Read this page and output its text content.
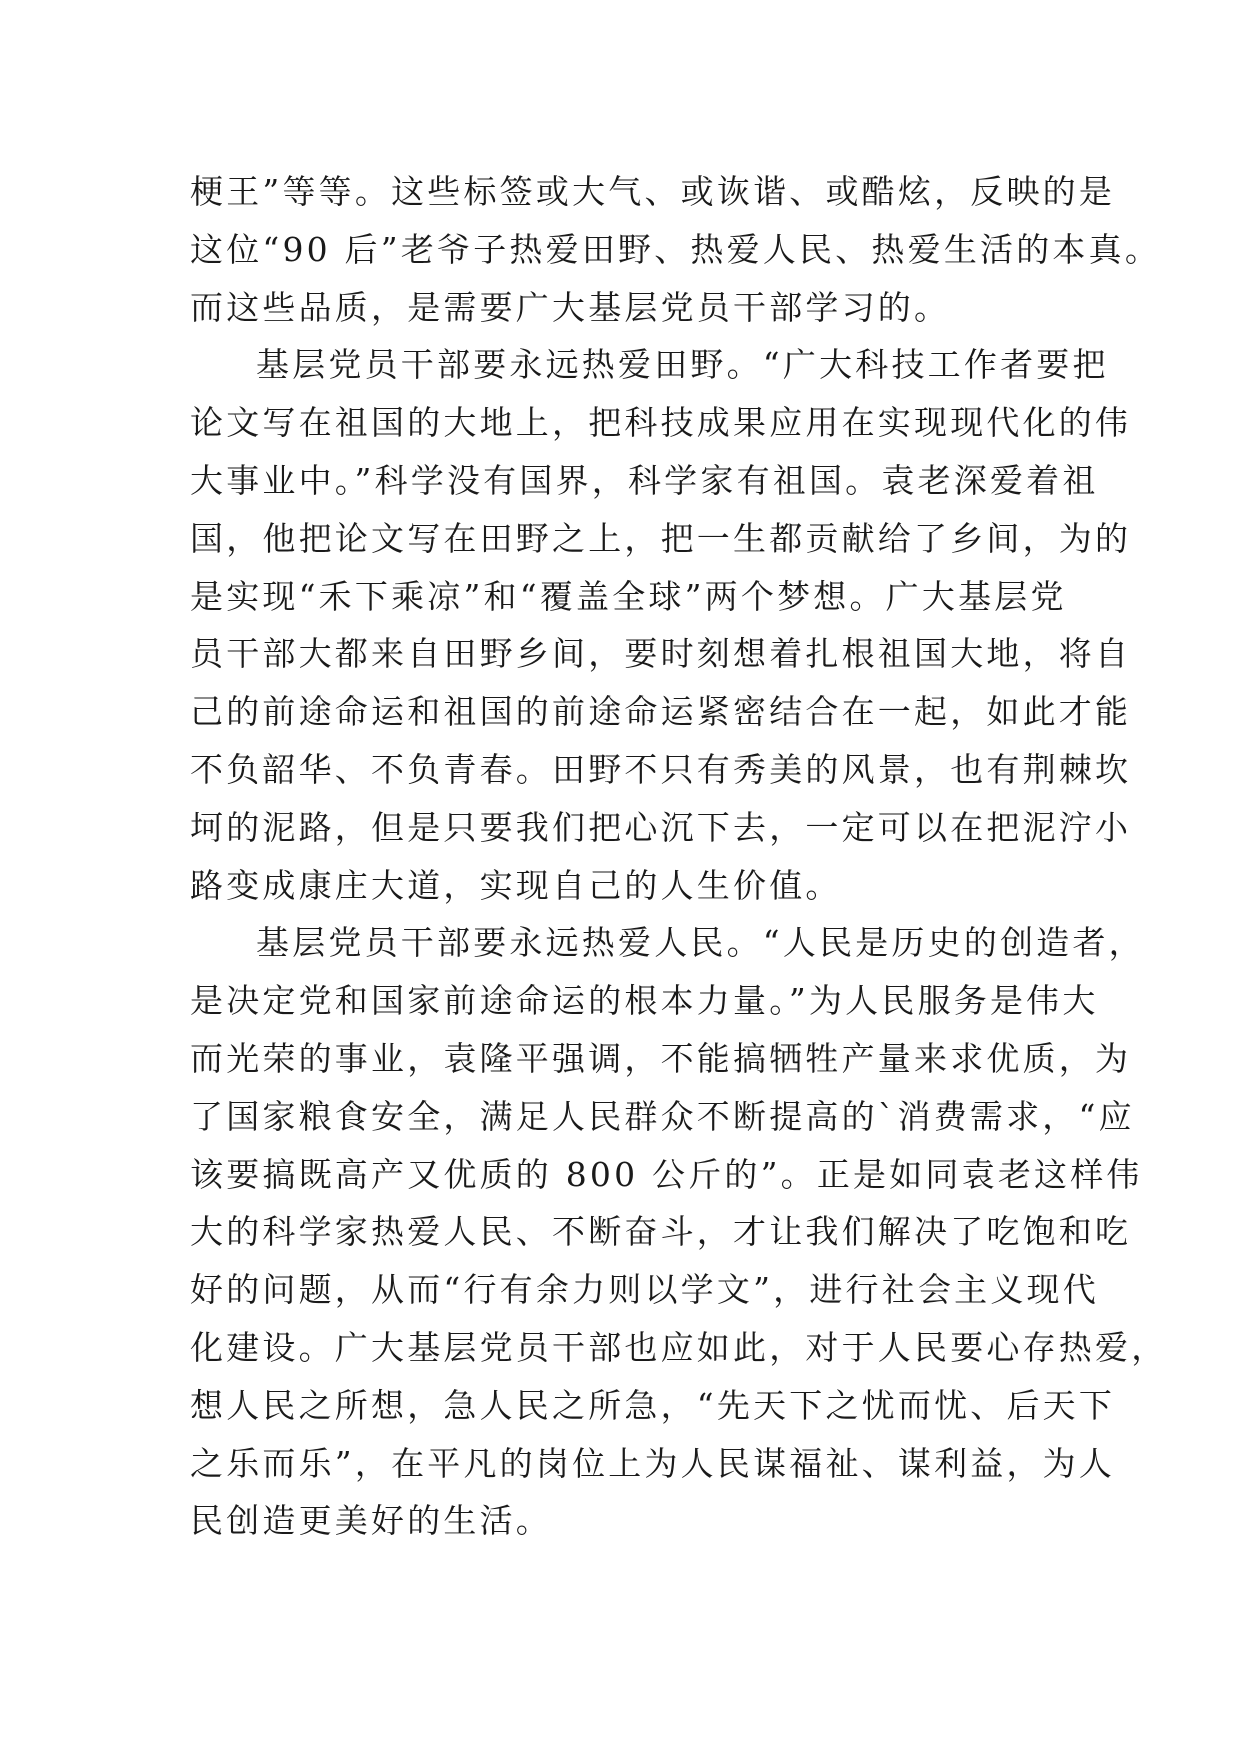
梗王”等等。这些标签或大气、或诙谐、或酷炫，反映的是
这位“90 后”老爷子热爱田野、热爱人民、热爱生活的本真。
而这些品质，是需要广大基层党员干部学习的。

基层党员干部要永远热爱田野。“广大科技工作者要把
论文写在祖国的大地上，把科技成果应用在实现现代化的伟
大事业中。”科学没有国界，科学家有祖国。袁老深爱着祖
国，他把论文写在田野之上，把一生都贡献给了乡间，为的
是实现“禾下乘凉”和“覆盖全球”两个梦想。广大基层党
员干部大都来自田野乡间，要时刻想着扎根祖国大地，将自
己的前途命运和祖国的前途命运紧密结合在一起，如此才能
不负韶华、不负青春。田野不只有秀美的风景，也有荆棘坎
坷的泥路，但是只要我们把心沉下去，一定可以在把泥泞小
路变成康庄大道，实现自己的人生价值。

基层党员干部要永远热爱人民。“人民是历史的创造者，
是决定党和国家前途命运的根本力量。”为人民服务是伟大
而光荣的事业，袁隆平强调，不能搞牺牲产量来求优质，为
了国家粮食安全，满足人民群众不断提高的`消费需求，“应
该要搞既高产又优质的 800 公斤的”。正是如同袁老这样伟
大的科学家热爱人民、不断奋斗，才让我们解决了吃饱和吃
好的问题，从而“行有余力则以学文”，进行社会主义现代
化建设。广大基层党员干部也应如此，对于人民要心存热爱，
想人民之所想，急人民之所急，“先天下之忧而忧、后天下
之乐而乐”，在平凡的岗位上为人民谋福祉、谋利益，为人
民创造更美好的生活。
